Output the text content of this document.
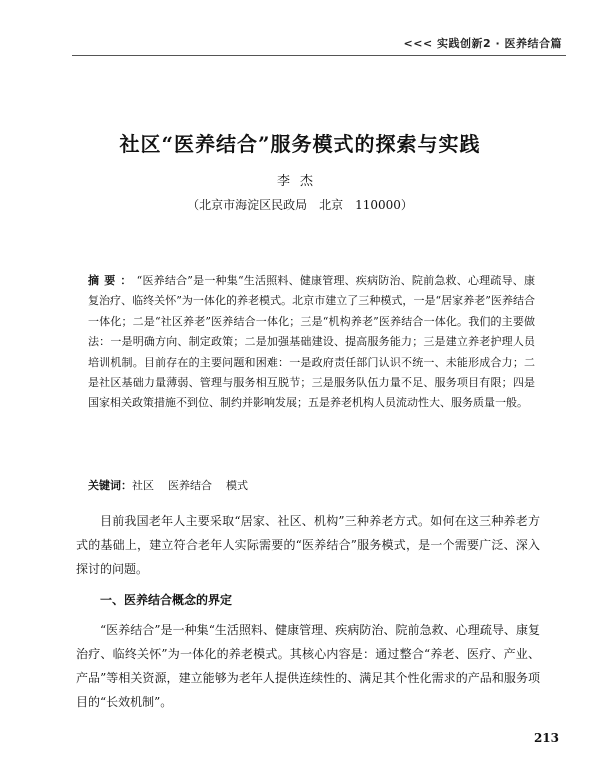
<<< 实践创新2 · 医养结合篇
社区“医养结合”服务模式的探索与实践
李杰
（北京市海淀区民政局　北京　110000）
摘要：“医养结合”是一种集“生活照料、健康管理、疾病防治、院前急救、心理疏导、康复治疗、临终关怀”为一体化的养老模式。北京市建立了三种模式，一是“居家养老”医养结合一体化；二是“社区养老”医养结合一体化；三是“机构养老”医养结合一体化。我们的主要做法：一是明确方向、制定政策；二是加强基础建设、提高服务能力；三是建立养老护理人员培训机制。目前存在的主要问题和困难：一是政府责任部门认识不统一、未能形成合力；二是社区基础力量薄弱、管理与服务相互脱节；三是服务队伍力量不足、服务项目有限；四是国家相关政策措施不到位、制约并影响发展；五是养老机构人员流动性大、服务质量一般。
关键词：社区 医养结合 模式

目前我国老年人主要采取“居家、社区、机构”三种养老方式。如何在这三种养老方式的基础上，建立符合老年人实际需要的“医养结合”服务模式，是一个需要广泛、深入探讨的问题。

一、医养结合概念的界定

“医养结合”是一种集“生活照料、健康管理、疾病防治、院前急救、心理疏导、康复治疗、临终关怀”为一体化的养老模式。其核心内容是：通过整合“养老、医疗、产业、产品”等相关资源，建立能够为老年人提供连续性的、满足其个性化需求的产品和服务项目的“长效机制”。

213
